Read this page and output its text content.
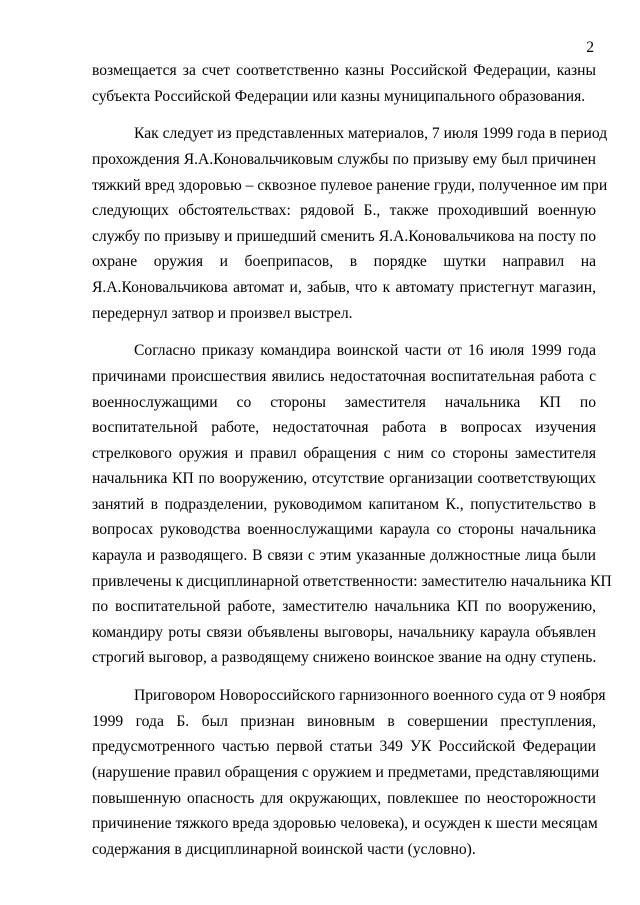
2
возмещается за счет соответственно казны Российской Федерации, казны
субъекта Российской Федерации или казны муниципального образования.
Как следует из представленных материалов, 7 июля 1999 года в период
прохождения Я.А.Коновальчиковым службы по призыву ему был причинен
тяжкий вред здоровью – сквозное пулевое ранение груди, полученное им при
следующих обстоятельствах: рядовой Б., также проходивший военную
службу по призыву и пришедший сменить Я.А.Коновальчикова на посту по
охране оружия и боеприпасов, в порядке шутки направил на
Я.А.Коновальчикова автомат и, забыв, что к автомату пристегнут магазин,
передернул затвор и произвел выстрел.
Согласно приказу командира воинской части от 16 июля 1999 года
причинами происшествия явились недостаточная воспитательная работа с
военнослужащими со стороны заместителя начальника КП по
воспитательной работе, недостаточная работа в вопросах изучения
стрелкового оружия и правил обращения с ним со стороны заместителя
начальника КП по вооружению, отсутствие организации соответствующих
занятий в подразделении, руководимом капитаном К., попустительство в
вопросах руководства военнослужащими караула со стороны начальника
караула и разводящего. В связи с этим указанные должностные лица были
привлечены к дисциплинарной ответственности: заместителю начальника КП
по воспитательной работе, заместителю начальника КП по вооружению,
командиру роты связи объявлены выговоры, начальнику караула объявлен
строгий выговор, а разводящему снижено воинское звание на одну ступень.
Приговором Новороссийского гарнизонного военного суда от 9 ноября
1999 года Б. был признан виновным в совершении преступления,
предусмотренного частью первой статьи 349 УК Российской Федерации
(нарушение правил обращения с оружием и предметами, представляющими
повышенную опасность для окружающих, повлекшее по неосторожности
причинение тяжкого вреда здоровью человека), и осужден к шести месяцам
содержания в дисциплинарной воинской части (условно).
